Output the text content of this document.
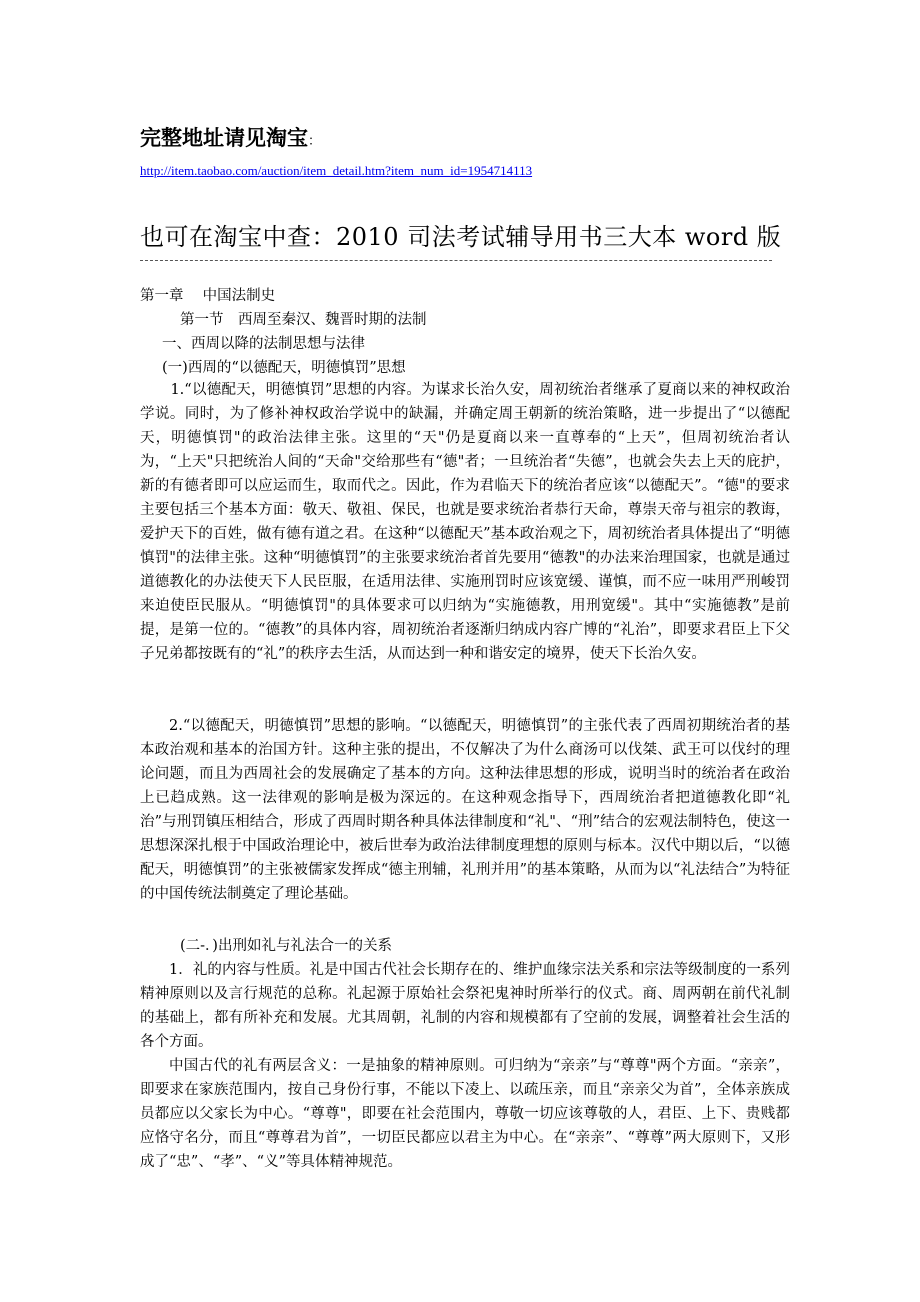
完整地址请见淘宝：
http://item.taobao.com/auction/item_detail.htm?item_num_id=1954714113
也可在淘宝中查：2010 司法考试辅导用书三大本 word 版
第一章　 中国法制史
第一节　西周至秦汉、魏晋时期的法制
一、西周以降的法制思想与法律
(一)西周的“以德配天，明德慎罚”思想
1.“以德配天，明德慎罚”思想的内容。为谋求长治久安，周初统治者继承了夏商以来的神权政治学说。同时，为了修补神权政治学说中的缺漏，并确定周王朝新的统治策略，进一步提出了“以德配天，明德慎罚"的政治法律主张。这里的“天"仍是夏商以来一直尊奉的“上天”，但周初统治者认为，“上天"只把统治人间的“天命"交给那些有“德"者；一旦统治者“失德”，也就会失去上天的庇护，新的有德者即可以应运而生，取而代之。因此，作为君临天下的统治者应该“以德配天”。“德"的要求主要包括三个基本方面：敬天、敬祖、保民，也就是要求统治者恭行天命，尊崇天帝与祖宗的教诲，爱护天下的百姓，做有德有道之君。在这种“以德配天”基本政治观之下，周初统治者具体提出了“明德慎罚"的法律主张。这种“明德慎罚”的主张要求统治者首先要用“德教"的办法来治理国家，也就是通过道德教化的办法使天下人民臣服，在适用法律、实施刑罚时应该宽缓、谨慎，而不应一味用严刑峻罚来迫使臣民服从。“明德慎罚"的具体要求可以归纳为“实施德教，用刑宽缓"。其中“实施德教”是前提，是第一位的。“德教”的具体内容，周初统治者逐渐归纳成内容广博的“礼治”，即要求君臣上下父子兄弟都按既有的“礼”的秩序去生活，从而达到一种和谐安定的境界，使天下长治久安。
2.“以德配天，明德慎罚”思想的影响。“以德配天，明德慎罚”的主张代表了西周初期统治者的基本政治观和基本的治国方针。这种主张的提出，不仅解决了为什么商汤可以伐桀、武王可以伐纣的理论问题，而且为西周社会的发展确定了基本的方向。这种法律思想的形成，说明当时的统治者在政治上已趋成熟。这一法律观的影响是极为深远的。在这种观念指导下，西周统治者把道德教化即“礼治”与刑罚镇压相结合，形成了西周时期各种具体法律制度和“礼"、“刑”结合的宏观法制特色，使这一思想深深扎根于中国政治理论中，被后世奉为政治法律制度理想的原则与标本。汉代中期以后，“以德配天，明德慎罚”的主张被儒家发挥成“德主刑辅，礼刑并用”的基本策略，从而为以“礼法结合”为特征的中国传统法制奠定了理论基础。
(二-．)出刑如礼与礼法合一的关系
1．礼的内容与性质。礼是中国古代社会长期存在的、维护血缘宗法关系和宗法等级制度的一系列精神原则以及言行规范的总称。礼起源于原始社会祭祀鬼神时所举行的仪式。商、周两朝在前代礼制的基础上，都有所补充和发展。尤其周朝，礼制的内容和规模都有了空前的发展，调整着社会生活的各个方面。
中国古代的礼有两层含义：一是抽象的精神原则。可归纳为“亲亲”与“尊尊"两个方面。“亲亲”，即要求在家族范围内，按自己身份行事，不能以下凌上、以疏压亲，而且“亲亲父为首”，全体亲族成员都应以父家长为中心。“尊尊"，即要在社会范围内，尊敬一切应该尊敬的人，君臣、上下、贵贱都应恪守名分，而且“尊尊君为首”，一切臣民都应以君主为中心。在“亲亲”、“尊尊”两大原则下，又形成了“忠”、“孝”、“义”等具体精神规范。
